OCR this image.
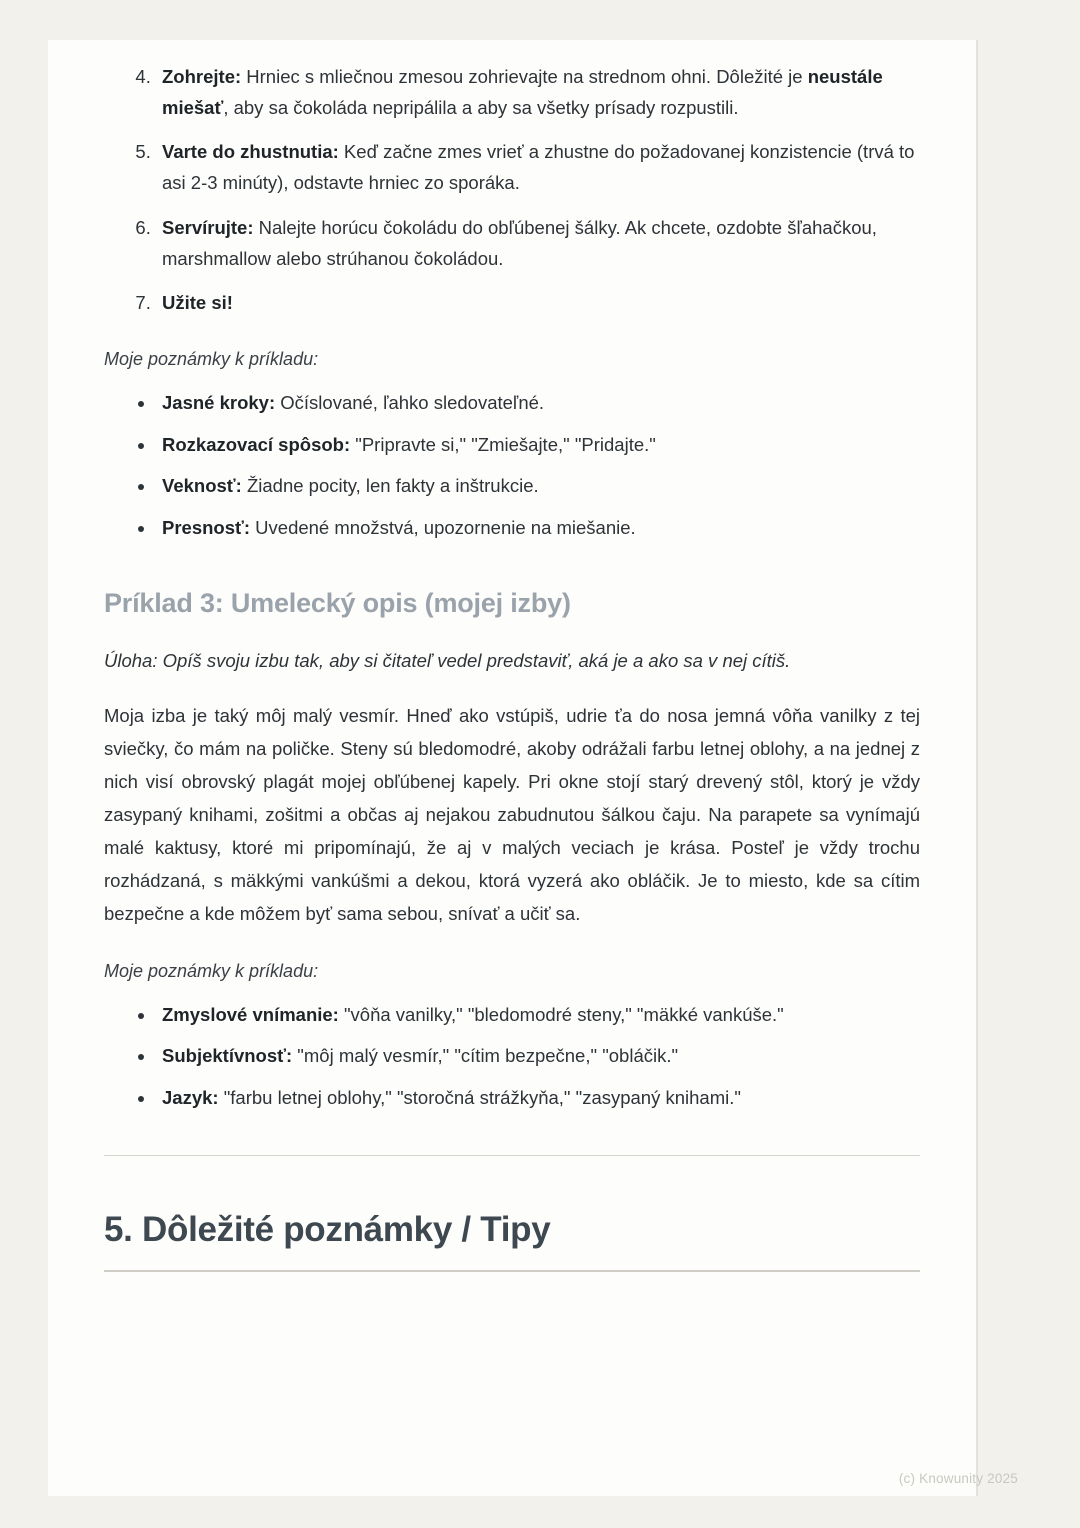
4. Zohrejte: Hrniec s mliečnou zmesou zohrievajte na strednom ohni. Dôležité je neustále miešať, aby sa čokoláda nepripálila a aby sa všetky prísady rozpustili.
5. Varte do zhustnutia: Keď začne zmes vrieť a zhustne do požadovanej konzistencie (trvá to asi 2-3 minúty), odstavte hrniec zo sporáka.
6. Servírujte: Nalejte horúcu čokoládu do obľúbenej šálky. Ak chcete, ozdobte šľahačkou, marshmallow alebo strúhanou čokoládou.
7. Užite si!
Moje poznámky k príkladu:
• Jasné kroky: Očíslované, ľahko sledovateľné.
• Rozkazovací spôsob: "Pripravte si," "Zmiešajte," "Pridajte."
• Veknosť: Žiadne pocity, len fakty a inštrukcie.
• Presnosť: Uvedené množstvá, upozornenie na miešanie.
Príklad 3: Umelecký opis (mojej izby)
Úloha: Opíš svoju izbu tak, aby si čitateľ vedel predstaviť, aká je a ako sa v nej cítiš.

Moja izba je taký môj malý vesmír. Hneď ako vstúpiš, udrie ťa do nosa jemná vôňa vanilky z tej sviečky, čo mám na poličke. Steny sú bledomodré, akoby odrážali farbu letnej oblohy, a na jednej z nich visí obrovský plagát mojej obľúbenej kapely. Pri okne stojí starý drevený stôl, ktorý je vždy zasypaný knihami, zošitmi a občas aj nejakou zabudnutou šálkou čaju. Na parapete sa vynímajú malé kaktusy, ktoré mi pripomínajú, že aj v malých veciach je krása. Posteľ je vždy trochu rozhádzaná, s mäkkými vankúšmi a dekou, ktorá vyzerá ako obláčik. Je to miesto, kde sa cítim bezpečne a kde môžem byť sama sebou, snívať a učiť sa.

Moje poznámky k príkladu:
• Zmyslové vnímanie: "vôňa vanilky," "bledomodré steny," "mäkké vankúše."
• Subjektívnosť: "môj malý vesmír," "cítim bezpečne," "obláčik."
• Jazyk: "farbu letnej oblohy," "storočná strážkyňa," "zasypaný knihami."
5. Dôležité poznámky / Tipy
(c) Knowunity 2025
